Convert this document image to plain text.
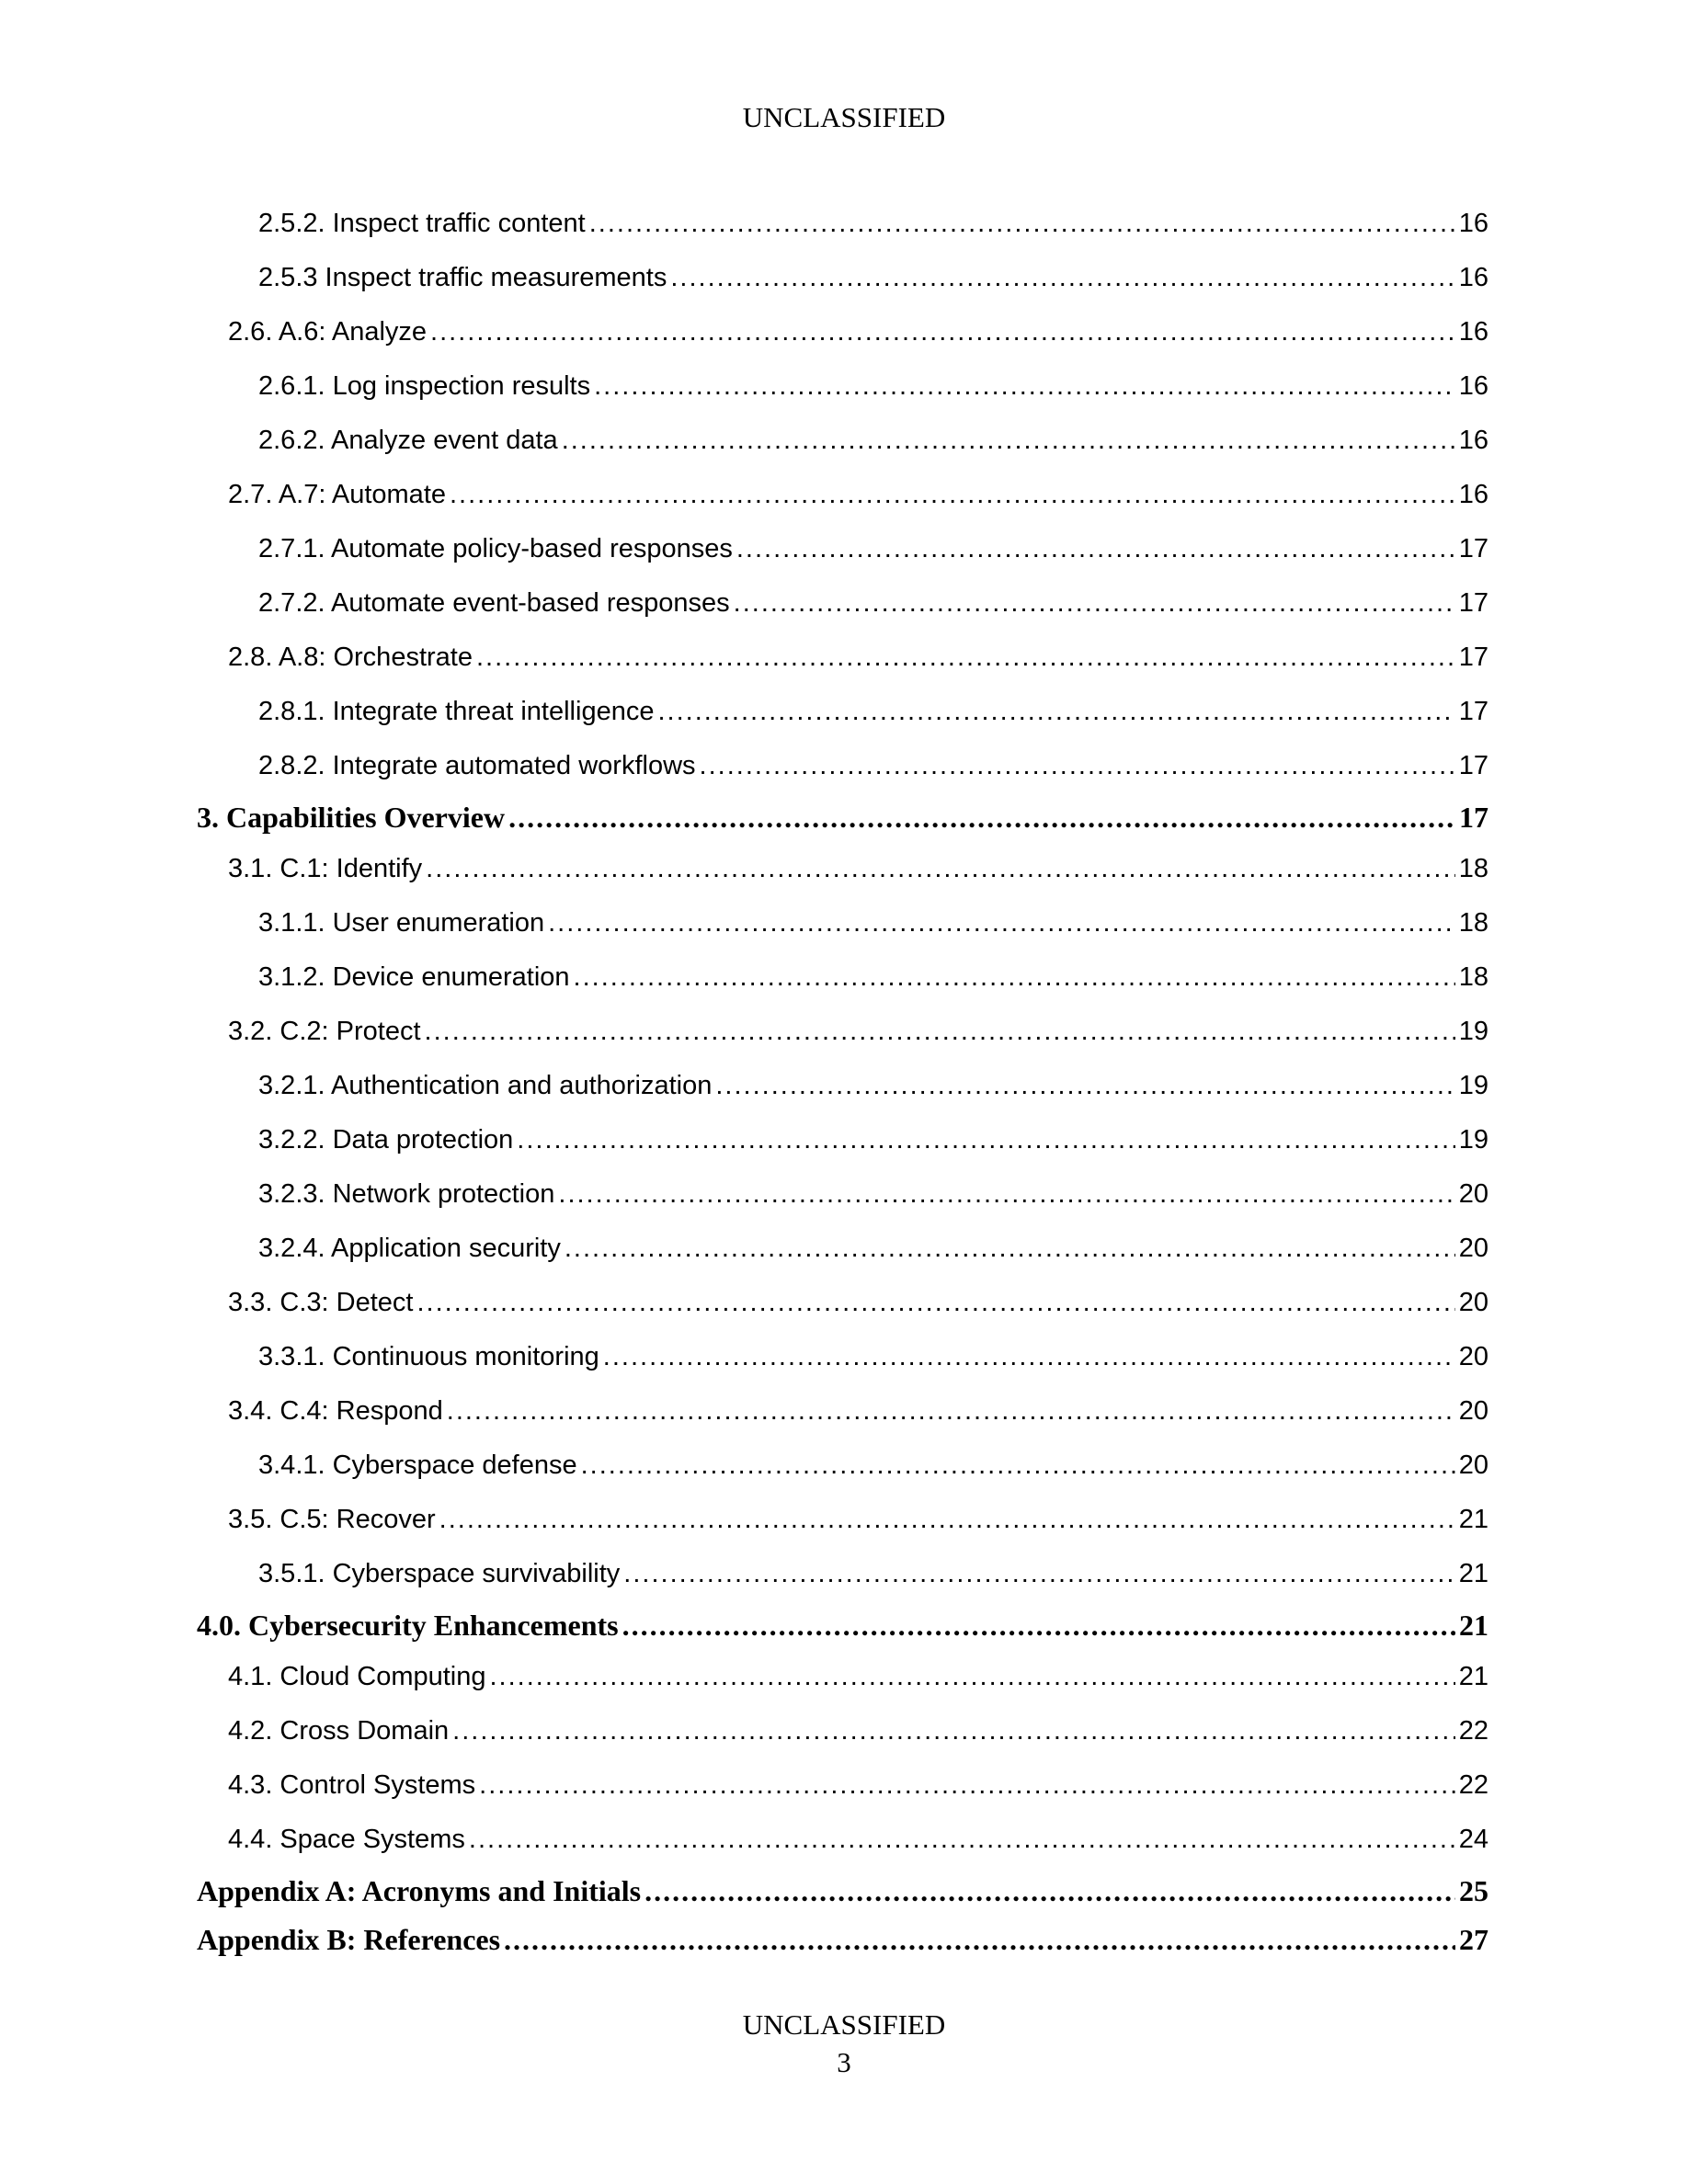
UNCLASSIFIED
2.5.2. Inspect traffic content .....	16
2.5.3 Inspect traffic measurements .....	16
2.6. A.6: Analyze .....	16
2.6.1. Log inspection results .....	16
2.6.2. Analyze event data .....	16
2.7. A.7: Automate .....	16
2.7.1. Automate policy-based responses .....	17
2.7.2. Automate event-based responses .....	17
2.8. A.8: Orchestrate .....	17
2.8.1. Integrate threat intelligence .....	17
2.8.2. Integrate automated workflows .....	17
3. Capabilities Overview .....	17
3.1. C.1: Identify .....	18
3.1.1. User enumeration .....	18
3.1.2. Device enumeration .....	18
3.2. C.2: Protect .....	19
3.2.1. Authentication and authorization .....	19
3.2.2. Data protection .....	19
3.2.3. Network protection .....	20
3.2.4. Application security .....	20
3.3. C.3: Detect .....	20
3.3.1. Continuous monitoring .....	20
3.4. C.4: Respond .....	20
3.4.1. Cyberspace defense .....	20
3.5. C.5: Recover .....	21
3.5.1. Cyberspace survivability .....	21
4.0. Cybersecurity Enhancements .....	21
4.1. Cloud Computing .....	21
4.2. Cross Domain .....	22
4.3. Control Systems .....	22
4.4. Space Systems .....	24
Appendix A: Acronyms and Initials .....	25
Appendix B: References .....	27
UNCLASSIFIED
3
